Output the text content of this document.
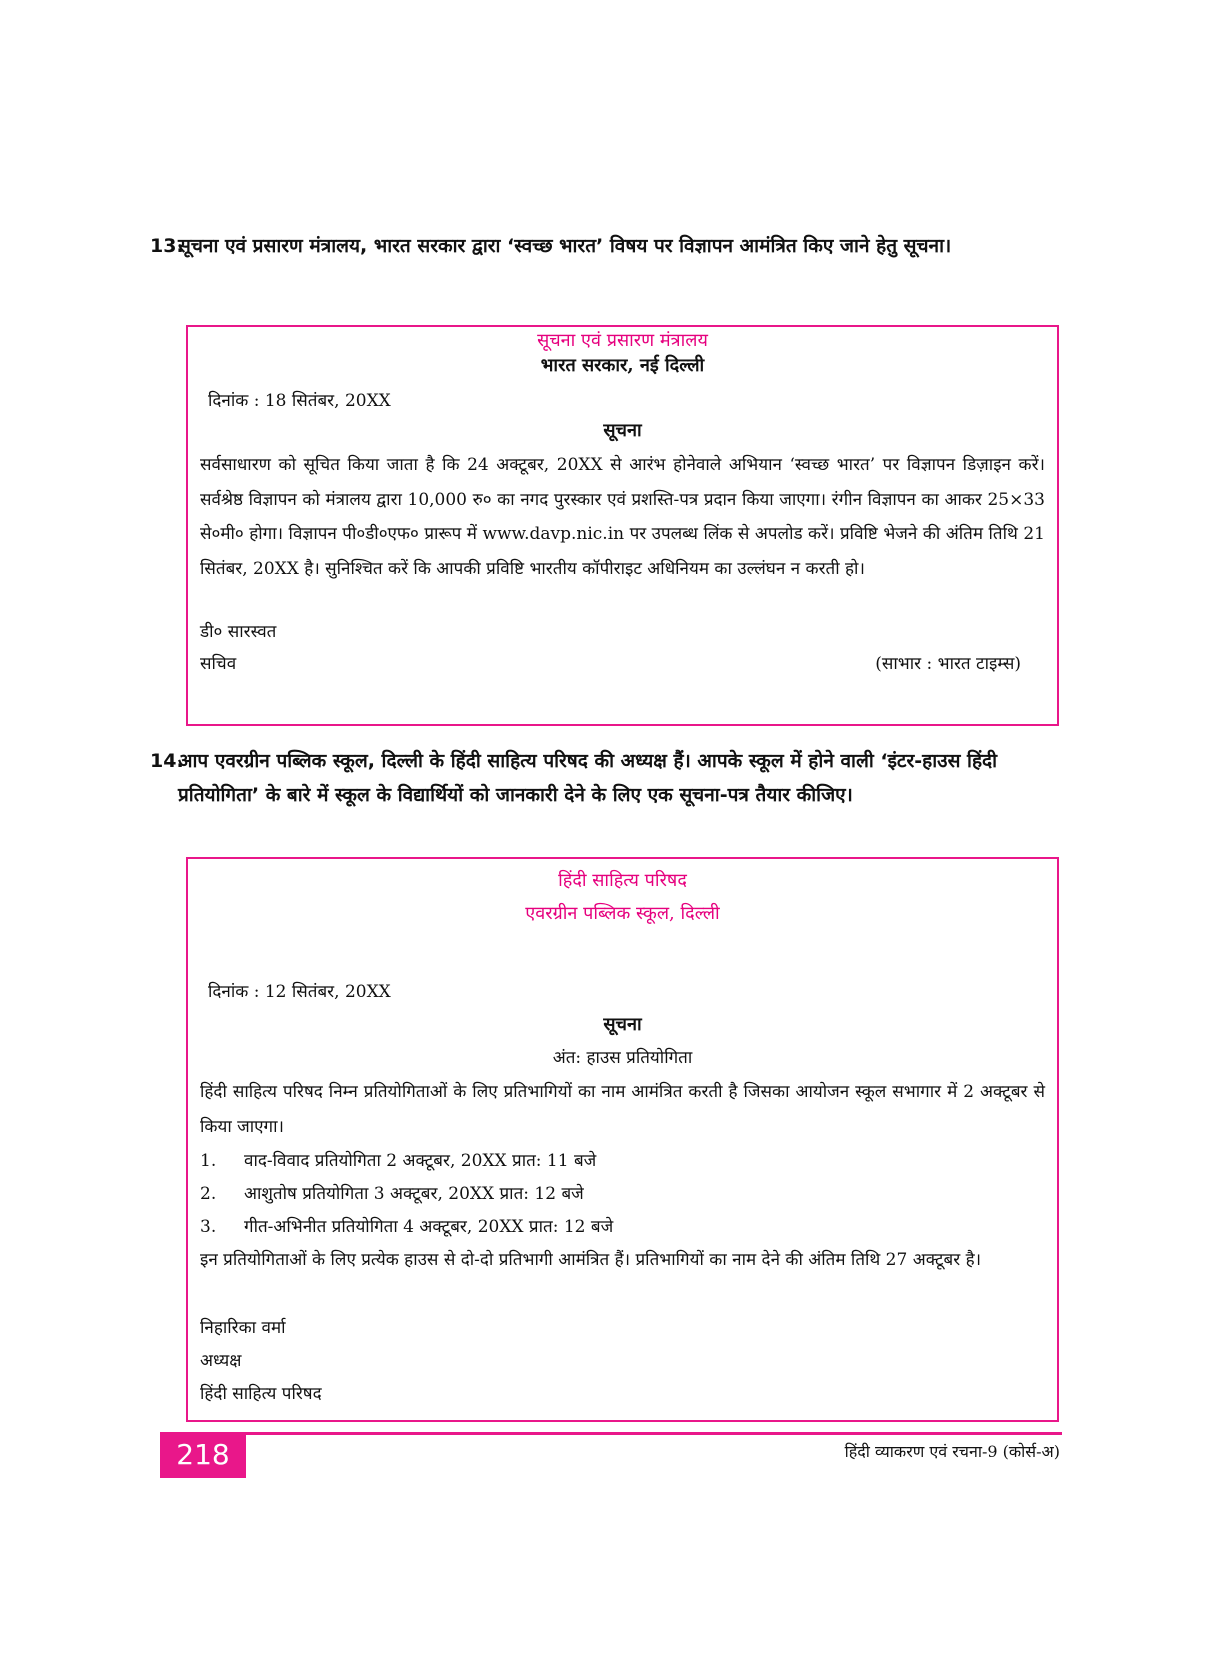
13.
सूचना एवं प्रसारण मंत्रालय, भारत सरकार द्वारा ‘स्वच्छ भारत’ विषय पर विज्ञापन आमंत्रित किए जाने हेतु सूचना।
सूचना एवं प्रसारण मंत्रालय
भारत सरकार, नई दिल्ली
दिनांक : 18 सितंबर, 20XX
सूचना
सर्वसाधारण को सूचित किया जाता है कि 24 अक्टूबर, 20XX से आरंभ होनेवाले अभियान ‘स्वच्छ भारत’ पर विज्ञापन डिज़ाइन करें। सर्वश्रेष्ठ विज्ञापन को मंत्रालय द्वारा 10,000 रु० का नगद पुरस्कार एवं प्रशस्ति-पत्र प्रदान किया जाएगा। रंगीन विज्ञापन का आकर 25×33 से०मी० होगा। विज्ञापन पी०डी०एफ० प्रारूप में www.davp.nic.in पर उपलब्ध लिंक से अपलोड करें। प्रविष्टि भेजने की अंतिम तिथि 21 सितंबर, 20XX है। सुनिश्चित करें कि आपकी प्रविष्टि भारतीय कॉपीराइट अधिनियम का उल्लंघन न करती हो।
डी० सारस्वत
सचिव	(साभार : भारत टाइम्स)
14.
आप एवरग्रीन पब्लिक स्कूल, दिल्ली के हिंदी साहित्य परिषद की अध्यक्ष हैं। आपके स्कूल में होने वाली ‘इंटर-हाउस हिंदी प्रतियोगिता’ के बारे में स्कूल के विद्यार्थियों को जानकारी देने के लिए एक सूचना-पत्र तैयार कीजिए।
हिंदी साहित्य परिषद
एवरग्रीन पब्लिक स्कूल, दिल्ली
दिनांक : 12 सितंबर, 20XX
सूचना
अंत: हाउस प्रतियोगिता
हिंदी साहित्य परिषद निम्न प्रतियोगिताओं के लिए प्रतिभागियों का नाम आमंत्रित करती है जिसका आयोजन स्कूल सभागार में 2 अक्टूबर से किया जाएगा।
1. वाद-विवाद प्रतियोगिता 2 अक्टूबर, 20XX प्रात: 11 बजे
2. आशुतोष प्रतियोगिता 3 अक्टूबर, 20XX प्रात: 12 बजे
3. गीत-अभिनीत प्रतियोगिता 4 अक्टूबर, 20XX प्रात: 12 बजे
इन प्रतियोगिताओं के लिए प्रत्येक हाउस से दो-दो प्रतिभागी आमंत्रित हैं। प्रतिभागियों का नाम देने की अंतिम तिथि 27 अक्टूबर है।
निहारिका वर्मा
अध्यक्ष
हिंदी साहित्य परिषद
218	हिंदी व्याकरण एवं रचना-9 (कोर्स-अ)
